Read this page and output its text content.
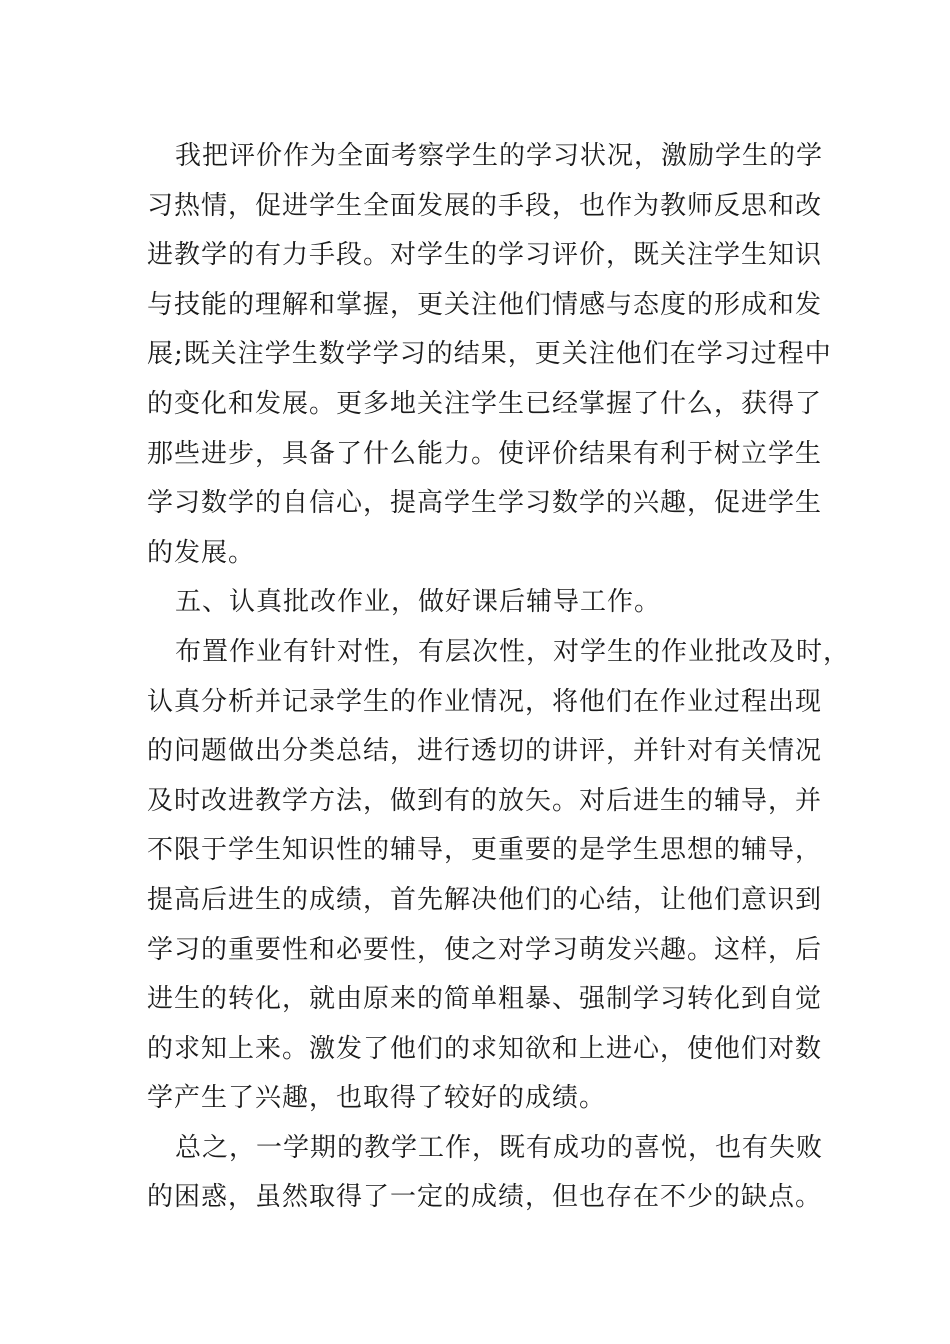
我把评价作为全面考察学生的学习状况，激励学生的学
习热情，促进学生全面发展的手段，也作为教师反思和改
进教学的有力手段。对学生的学习评价，既关注学生知识
与技能的理解和掌握，更关注他们情感与态度的形成和发
展;既关注学生数学学习的结果，更关注他们在学习过程中
的变化和发展。更多地关注学生已经掌握了什么，获得了
那些进步，具备了什么能力。使评价结果有利于树立学生
学习数学的自信心，提高学生学习数学的兴趣，促进学生
的发展。
五、认真批改作业，做好课后辅导工作。
布置作业有针对性，有层次性，对学生的作业批改及时，
认真分析并记录学生的作业情况，将他们在作业过程出现
的问题做出分类总结，进行透切的讲评，并针对有关情况
及时改进教学方法，做到有的放矢。对后进生的辅导，并
不限于学生知识性的辅导，更重要的是学生思想的辅导，
提高后进生的成绩，首先解决他们的心结，让他们意识到
学习的重要性和必要性，使之对学习萌发兴趣。这样，后
进生的转化，就由原来的简单粗暴、强制学习转化到自觉
的求知上来。激发了他们的求知欲和上进心，使他们对数
学产生了兴趣，也取得了较好的成绩。
总之，一学期的教学工作，既有成功的喜悦，也有失败
的困惑，虽然取得了一定的成绩，但也存在不少的缺点。
